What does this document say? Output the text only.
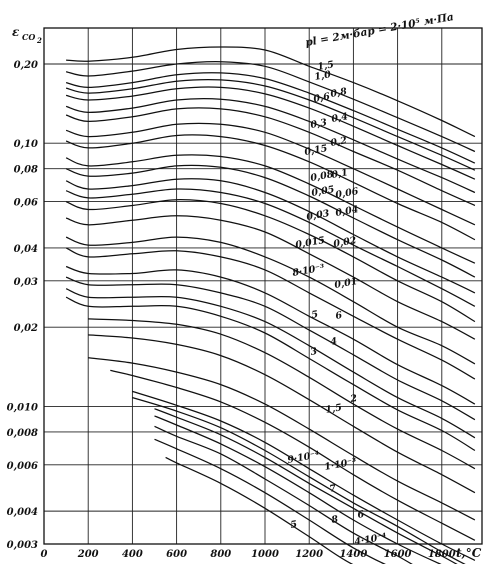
pl = 2м·бар = 2·10⁵ м·Па
1,5
1,0
0,8
0,6
0,4
0,3
0,2
0,15
0,1
0,08
0,06
0,05
0,04
0,03
0,02
0,015
0,01
8·10⁻³
6
5
4
3
2
1,5
9·10⁻⁴ 1·10⁻³
7
8
5
4·10⁻⁴
6
0	200 400 600 800 1000 1200 1400 1600 1800 t,°C
0,003
0,004
0,006
0,008
0,010
0,02
0,03
0,04
0,06
0,08
0,10
0,20
ε CO 2
